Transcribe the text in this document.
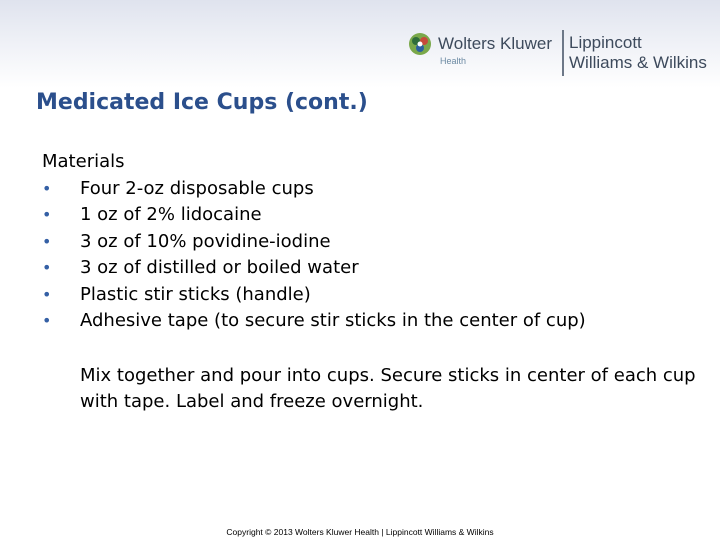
Wolters Kluwer
Health
Lippincott
Williams & Wilkins
Medicated Ice Cups (cont.)
Materials
•	Four 2-oz disposable cups
•	1 oz of 2% lidocaine
•	3 oz of 10% povidine-iodine
•	3 oz of distilled or boiled water
•	Plastic stir sticks (handle)
•	Adhesive tape (to secure stir sticks in the center of cup)
Mix together and pour into cups. Secure sticks in center of each cup with tape. Label and freeze overnight.
Copyright © 2013 Wolters Kluwer Health | Lippincott Williams & Wilkins
